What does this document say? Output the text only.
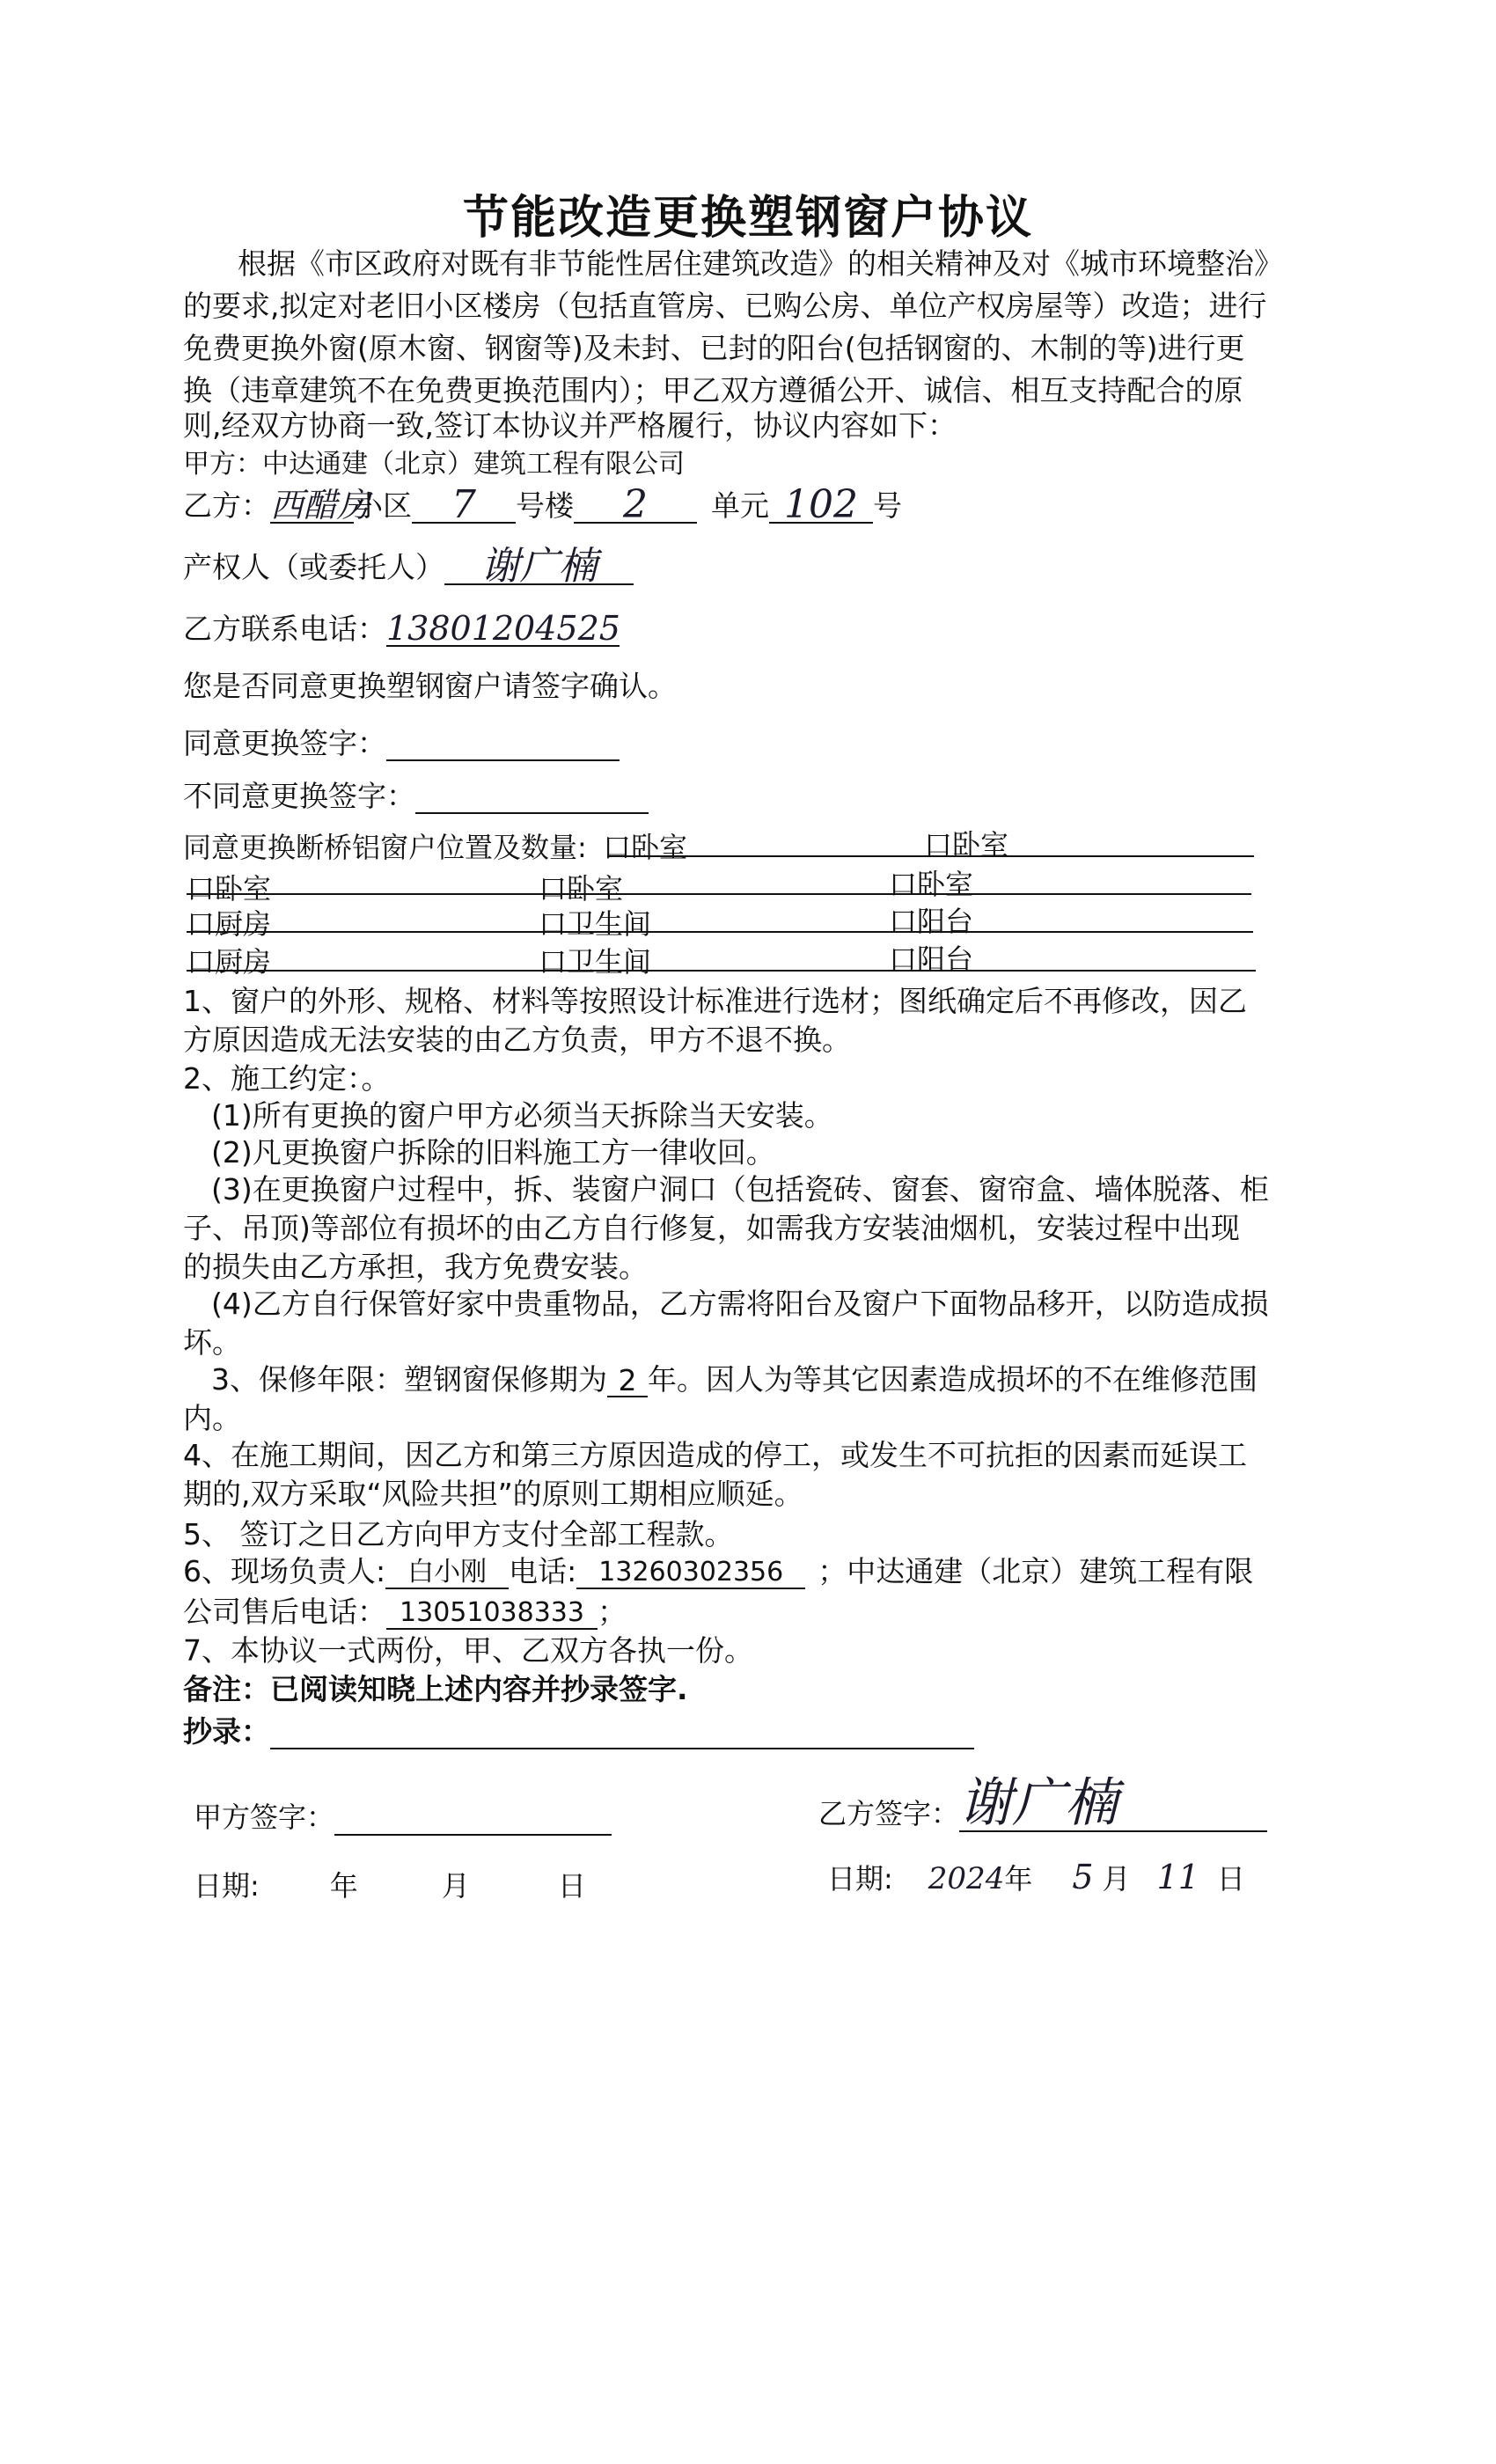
节能改造更换塑钢窗户协议
根据《市区政府对既有非节能性居住建筑改造》的相关精神及对《城市环境整治》
的要求,拟定对老旧小区楼房（包括直管房、已购公房、单位产权房屋等）改造；进行
免费更换外窗(原木窗、钢窗等)及未封、已封的阳台(包括钢窗的、木制的等)进行更
换（违章建筑不在免费更换范围内）；甲乙双方遵循公开、诚信、相互支持配合的原
则,经双方协商一致,签订本协议并严格履行，协议内容如下：
甲方：中达通建（北京）建筑工程有限公司
乙方：西醋房小区 7 号楼 2 单元 102 号
产权人（或委托人） 谢广楠
乙方联系电话：13801204525
您是否同意更换塑钢窗户请签字确认。
同意更换签字：
不同意更换签字：
同意更换断桥铝窗户位置及数量: 口卧室	口卧室
口卧室	口卧室	口卧室
口厨房	口卫生间	口阳台
口厨房	口卫生间	口阳台
1、窗户的外形、规格、材料等按照设计标准进行选材；图纸确定后不再修改，因乙
方原因造成无法安装的由乙方负责，甲方不退不换。
2、施工约定：。
(1)所有更换的窗户甲方必须当天拆除当天安装。
(2)凡更换窗户拆除的旧料施工方一律收回。
(3)在更换窗户过程中，拆、装窗户洞口（包括瓷砖、窗套、窗帘盒、墙体脱落、柜
子、吊顶)等部位有损坏的由乙方自行修复，如需我方安装油烟机，安装过程中出现
的损失由乙方承担，我方免费安装。
(4)乙方自行保管好家中贵重物品，乙方需将阳台及窗户下面物品移开，以防造成损
坏。
3、保修年限：塑钢窗保修期为 2 年。因人为等其它因素造成损坏的不在维修范围
内。
4、在施工期间，因乙方和第三方原因造成的停工，或发生不可抗拒的因素而延误工
期的,双方采取“风险共担”的原则工期相应顺延。
5、 签订之日乙方向甲方支付全部工程款。
6、现场负责人: 白小刚 电话: 13260302356 ；中达通建（北京）建筑工程有限
公司售后电话： 13051038333 ；
7、本协议一式两份，甲、乙双方各执一份。
备注：已阅读知晓上述内容并抄录签字.
抄录：
甲方签字：	乙方签字：谢广楠
日期:	年	月	日	日期: 2024年 5 月 11 日
